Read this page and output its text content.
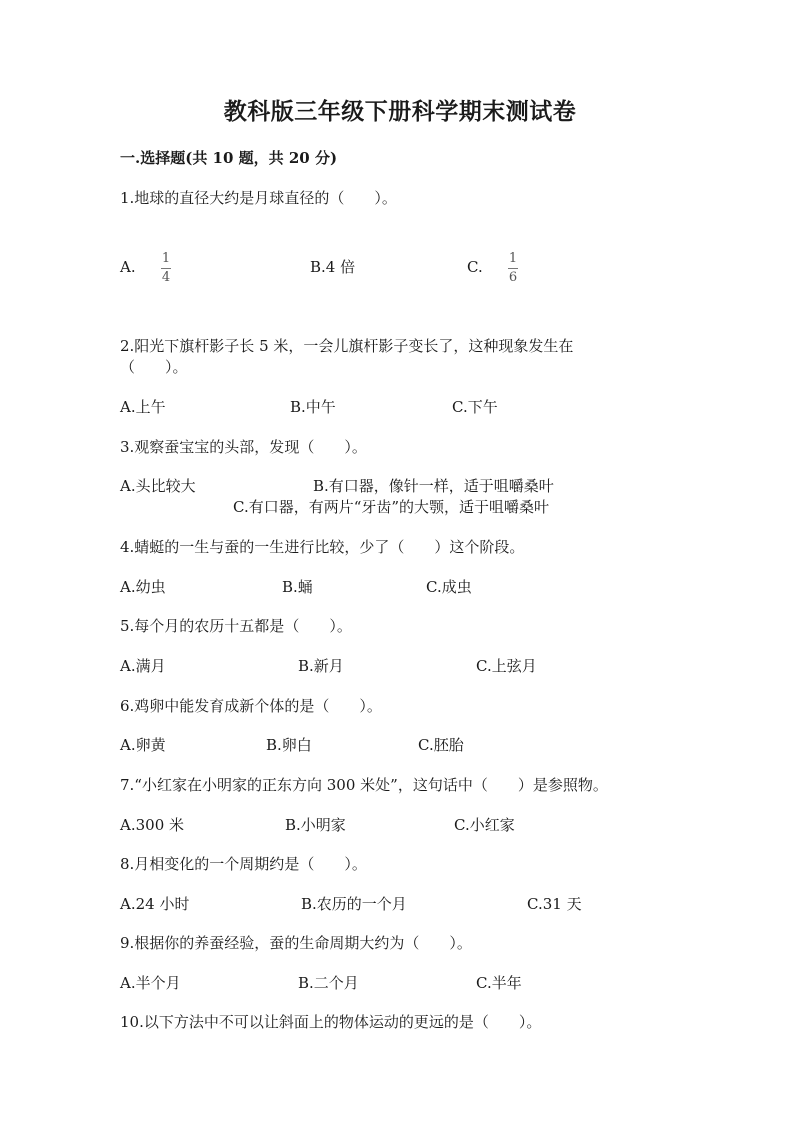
教科版三年级下册科学期末测试卷
一.选择题(共 10 题，共 20 分)
1.地球的直径大约是月球直径的（　　）。
A. 1
4
B.4 倍	C. 1
6
2.阳光下旗杆影子长 5 米，一会儿旗杆影子变长了，这种现象发生在
（　　）。
A.上午	B.中午	C.下午
3.观察蚕宝宝的头部，发现（　　）。
A.头比较大	B.有口器，像针一样，适于咀嚼桑叶
C.有口器，有两片“牙齿”的大颚，适于咀嚼桑叶
4.蜻蜓的一生与蚕的一生进行比较，少了（　　）这个阶段。
A.幼虫	B.蛹	C.成虫
5.每个月的农历十五都是（　　）。
A.满月	B.新月	C.上弦月
6.鸡卵中能发育成新个体的是（　　）。
A.卵黄	B.卵白	C.胚胎
7.“小红家在小明家的正东方向 300 米处”，这句话中（　　）是参照物。
A.300 米	B.小明家	C.小红家
8.月相变化的一个周期约是（　　）。
A.24 小时	B.农历的一个月	C.31 天
9.根据你的养蚕经验，蚕的生命周期大约为（　　）。
A.半个月	B.二个月	C.半年
10.以下方法中不可以让斜面上的物体运动的更远的是（　　）。
